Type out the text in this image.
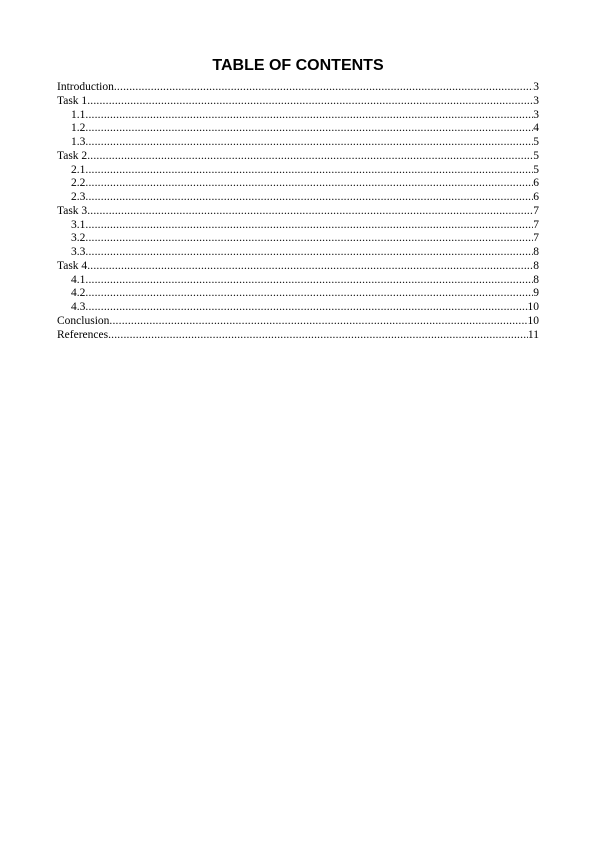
TABLE OF CONTENTS
Introduction .....	3
Task 1 .....	3
1.1 .....	3
1.2 .....	4
1.3 .....	5
Task 2 .....	5
2.1 .....	5
2.2 .....	6
2.3 .....	6
Task 3 .....	7
3.1 .....	7
3.2 .....	7
3.3 .....	8
Task 4 .....	8
4.1 .....	8
4.2 .....	9
4.3 .....	10
Conclusion .....	10
References .....	11
